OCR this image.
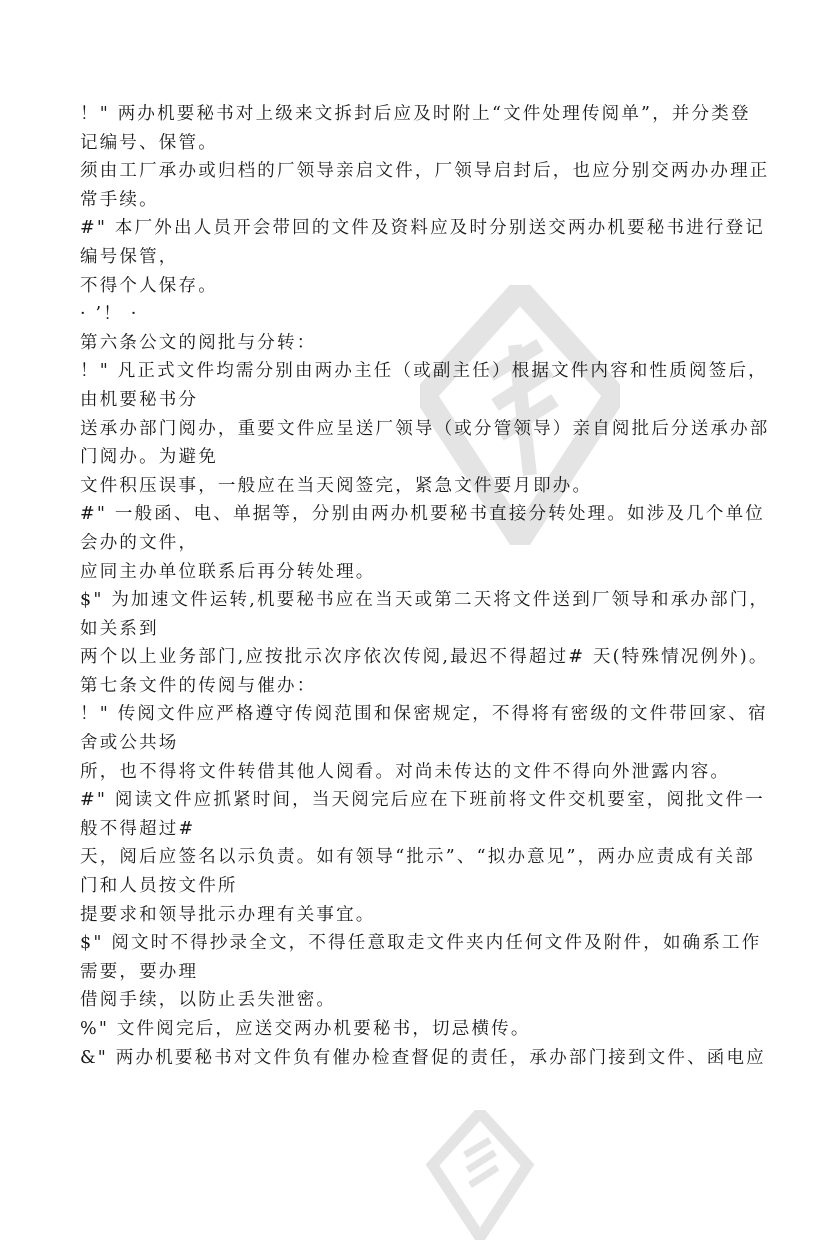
！" 两办机要秘书对上级来文拆封后应及时附上“文件处理传阅单”，并分类登
记编号、保管。
须由工厂承办或归档的厂领导亲启文件，厂领导启封后，也应分别交两办办理正
常手续。
#" 本厂外出人员开会带回的文件及资料应及时分别送交两办机要秘书进行登记
编号保管，
不得个人保存。
· ’！ ·
第六条公文的阅批与分转：
！" 凡正式文件均需分别由两办主任（或副主任）根据文件内容和性质阅签后，
由机要秘书分
送承办部门阅办，重要文件应呈送厂领导（或分管领导）亲自阅批后分送承办部
门阅办。为避免
文件积压误事，一般应在当天阅签完，紧急文件要月即办。
#" 一般函、电、单据等，分别由两办机要秘书直接分转处理。如涉及几个单位
会办的文件，
应同主办单位联系后再分转处理。
$" 为加速文件运转,机要秘书应在当天或第二天将文件送到厂领导和承办部门，
如关系到
两个以上业务部门,应按批示次序依次传阅,最迟不得超过# 天(特殊情况例外)。
第七条文件的传阅与催办：
！" 传阅文件应严格遵守传阅范围和保密规定，不得将有密级的文件带回家、宿
舍或公共场
所，也不得将文件转借其他人阅看。对尚未传达的文件不得向外泄露内容。
#" 阅读文件应抓紧时间，当天阅完后应在下班前将文件交机要室，阅批文件一
般不得超过#
天，阅后应签名以示负责。如有领导“批示”、“拟办意见”，两办应责成有关部
门和人员按文件所
提要求和领导批示办理有关事宜。
$" 阅文时不得抄录全文，不得任意取走文件夹内任何文件及附件，如确系工作
需要，要办理
借阅手续，以防止丢失泄密。
%" 文件阅完后，应送交两办机要秘书，切忌横传。
&" 两办机要秘书对文件负有催办检查督促的责任，承办部门接到文件、函电应
